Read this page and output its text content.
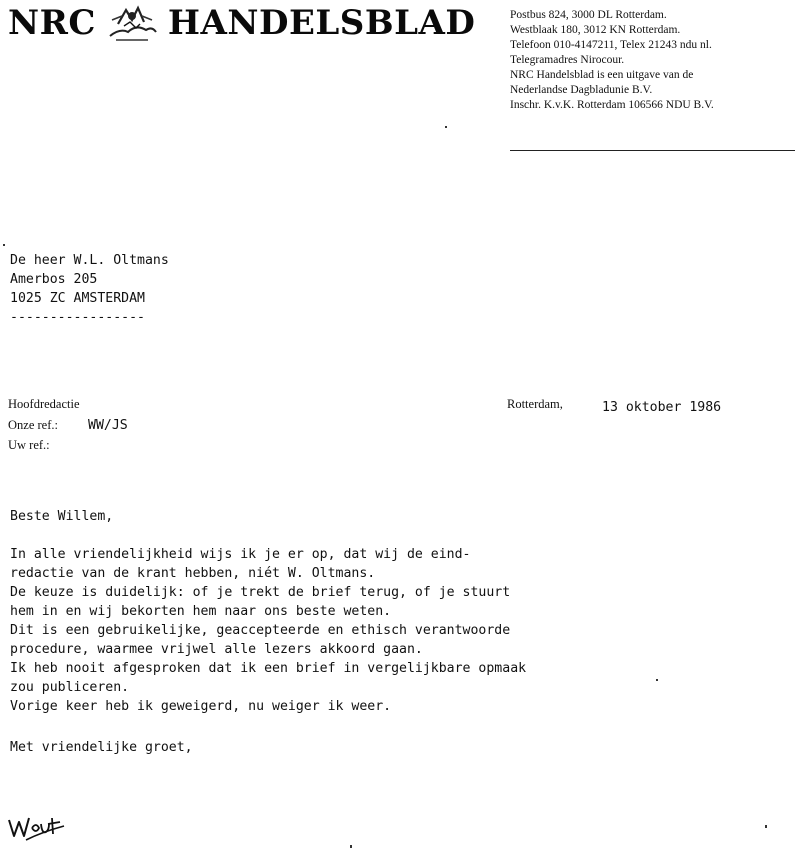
NRC HANDELSBLAD	Postbus 824, 3000 DL Rotterdam.
Westblaak 180, 3012 KN Rotterdam.
Telefoon 010-4147211, Telex 21243 ndu nl.
Telegramadres Nirocour.
NRC Handelsblad is een uitgave van de
Nederlandse Dagbladunie B.V.
Inschr. K.v.K. Rotterdam 106566 NDU B.V.
De heer W.L. Oltmans
Amerbos 205
1025 ZC AMSTERDAM
-----------------
Hoofdredactie
Onze ref.: WW/JS
Uw ref.:
Rotterdam,	13 oktober 1986
Beste Willem,
In alle vriendelijkheid wijs ik je er op, dat wij de eind-
redactie van de krant hebben, niét W. Oltmans.
De keuze is duidelijk: of je trekt de brief terug, of je stuurt
hem in en wij bekorten hem naar ons beste weten.
Dit is een gebruikelijke, geaccepteerde en ethisch verantwoorde
procedure, waarmee vrijwel alle lezers akkoord gaan.
Ik heb nooit afgesproken dat ik een brief in vergelijkbare opmaak
zou publiceren.
Vorige keer heb ik geweigerd, nu weiger ik weer.
Met vriendelijke groet,
